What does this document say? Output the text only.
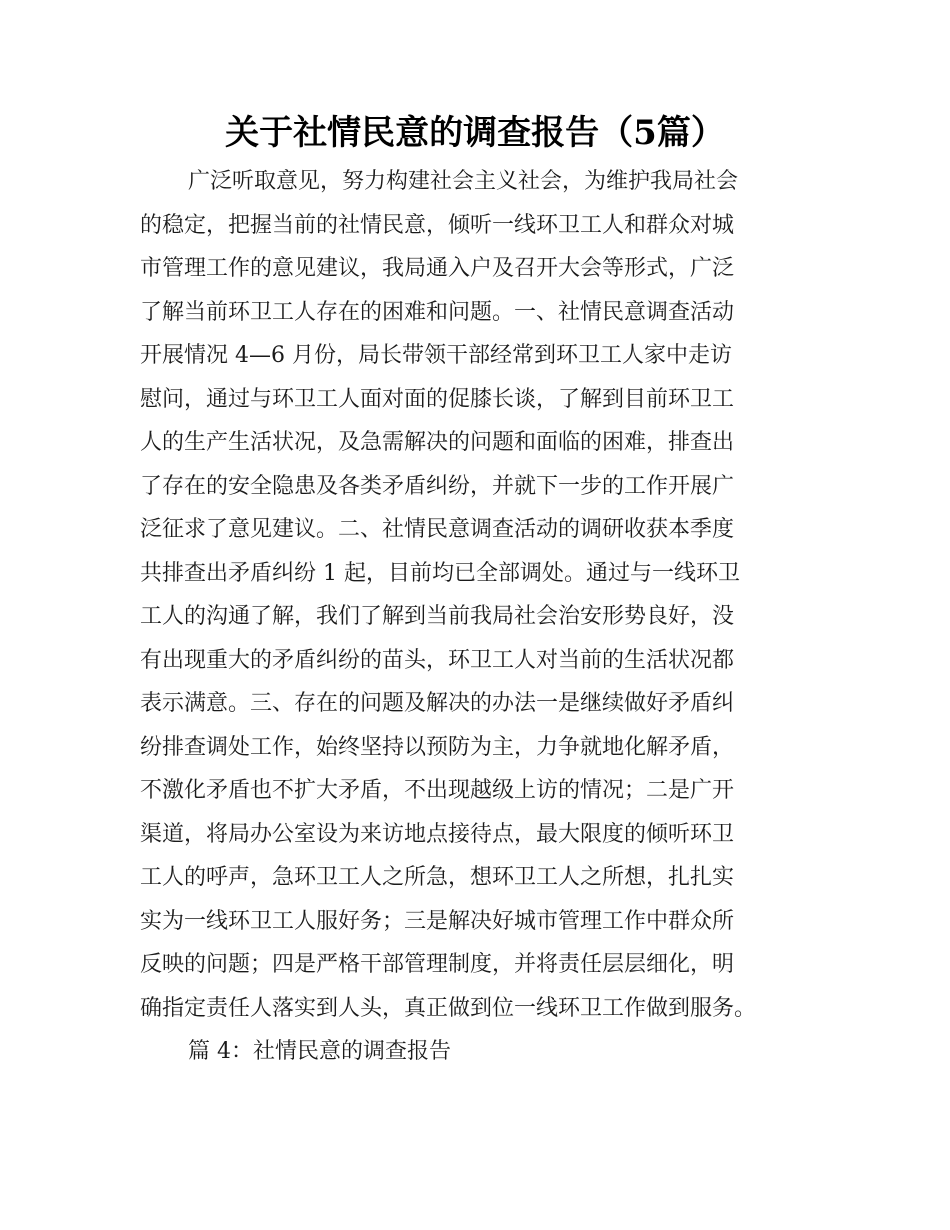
关于社情民意的调查报告（5篇）
广泛听取意见，努力构建社会主义社会，为维护我局社会
的稳定，把握当前的社情民意，倾听一线环卫工人和群众对城
市管理工作的意见建议，我局通入户及召开大会等形式，广泛
了解当前环卫工人存在的困难和问题。一、社情民意调查活动
开展情况 4—6 月份，局长带领干部经常到环卫工人家中走访
慰问，通过与环卫工人面对面的促膝长谈，了解到目前环卫工
人的生产生活状况，及急需解决的问题和面临的困难，排查出
了存在的安全隐患及各类矛盾纠纷，并就下一步的工作开展广
泛征求了意见建议。二、社情民意调查活动的调研收获本季度
共排查出矛盾纠纷 1 起，目前均已全部调处。通过与一线环卫
工人的沟通了解，我们了解到当前我局社会治安形势良好，没
有出现重大的矛盾纠纷的苗头，环卫工人对当前的生活状况都
表示满意。三、存在的问题及解决的办法一是继续做好矛盾纠
纷排查调处工作，始终坚持以预防为主，力争就地化解矛盾，
不激化矛盾也不扩大矛盾，不出现越级上访的情况；二是广开
渠道，将局办公室设为来访地点接待点，最大限度的倾听环卫
工人的呼声，急环卫工人之所急，想环卫工人之所想，扎扎实
实为一线环卫工人服好务；三是解决好城市管理工作中群众所
反映的问题；四是严格干部管理制度，并将责任层层细化，明
确指定责任人落实到人头，真正做到位一线环卫工作做到服务。
篇 4：社情民意的调查报告
